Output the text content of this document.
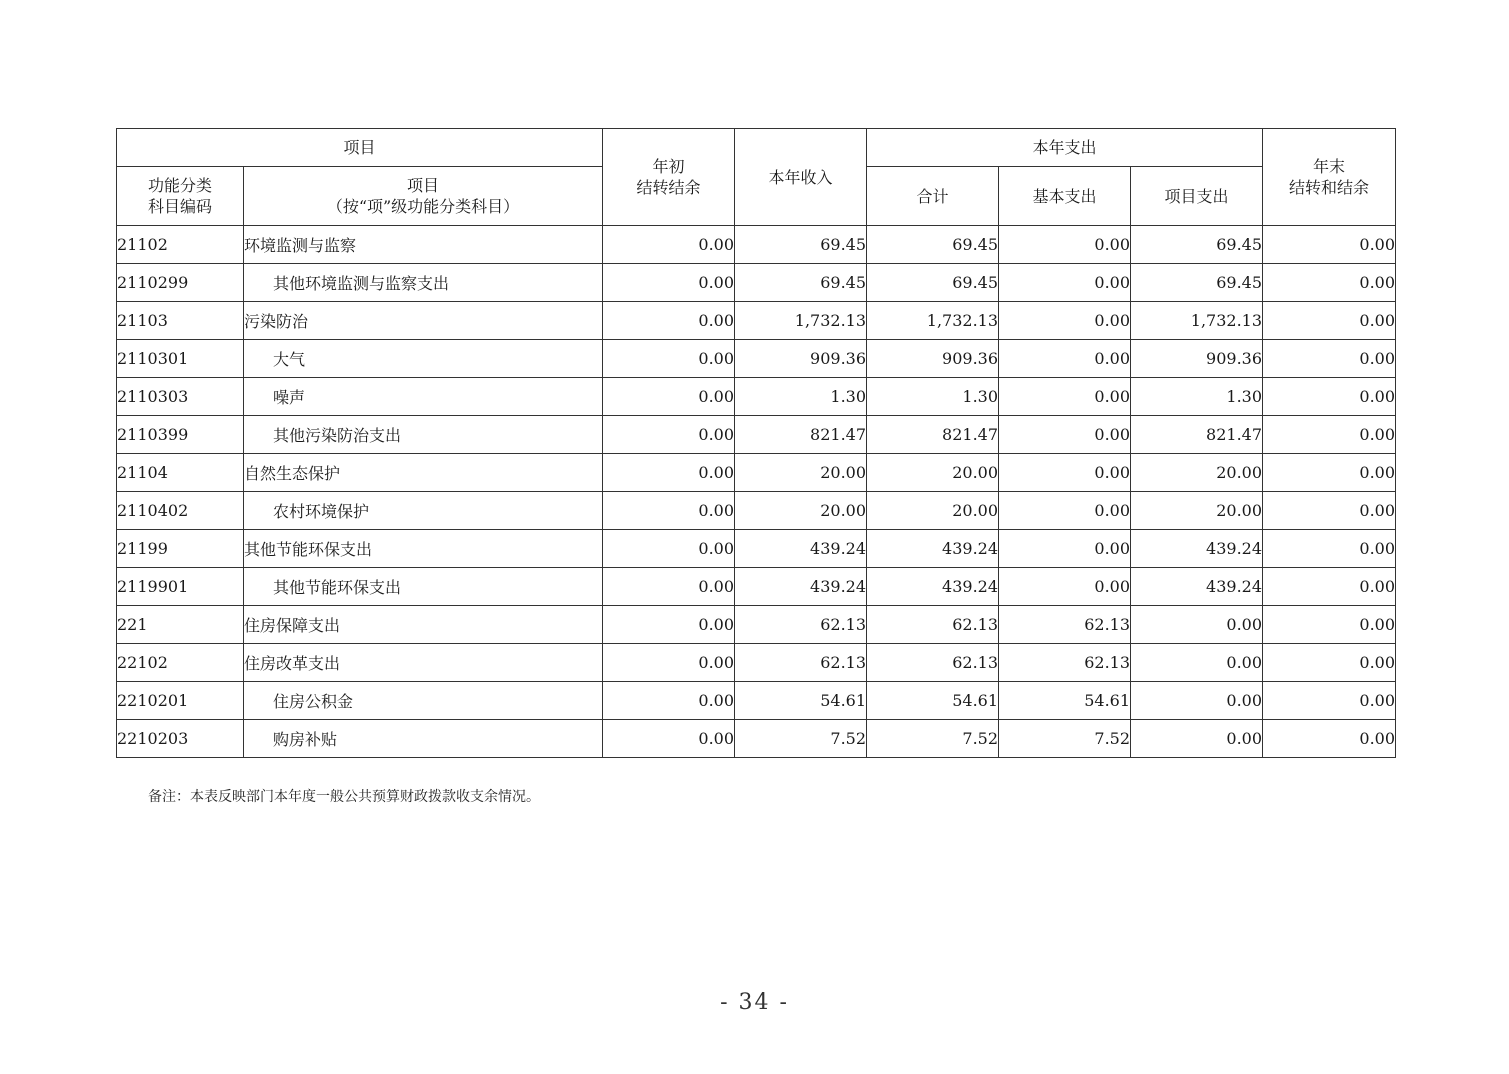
项目		年初
结转结余	本年收入	本年支出			年末
结转和结余

功能分类
科目编码	项目
（按“项”级功能分类科目）			合计	基本支出	项目支出	
21102	环境监测与监察	0.00	69.45	69.45	0.00	69.45	0.00
2110299	其他环境监测与监察支出	0.00	69.45	69.45	0.00	69.45	0.00
21103	污染防治	0.00	1,732.13	1,732.13	0.00	1,732.13	0.00
2110301	大气	0.00	909.36	909.36	0.00	909.36	0.00
2110303	噪声	0.00	1.30	1.30	0.00	1.30	0.00
2110399	其他污染防治支出	0.00	821.47	821.47	0.00	821.47	0.00
21104	自然生态保护	0.00	20.00	20.00	0.00	20.00	0.00
2110402	农村环境保护	0.00	20.00	20.00	0.00	20.00	0.00
21199	其他节能环保支出	0.00	439.24	439.24	0.00	439.24	0.00
2119901	其他节能环保支出	0.00	439.24	439.24	0.00	439.24	0.00
221	住房保障支出	0.00	62.13	62.13	62.13	0.00	0.00
22102	住房改革支出	0.00	62.13	62.13	62.13	0.00	0.00
2210201	住房公积金	0.00	54.61	54.61	54.61	0.00	0.00
2210203	购房补贴	0.00	7.52	7.52	7.52	0.00	0.00
备注：本表反映部门本年度一般公共预算财政拨款收支余情况。
- 34 -
